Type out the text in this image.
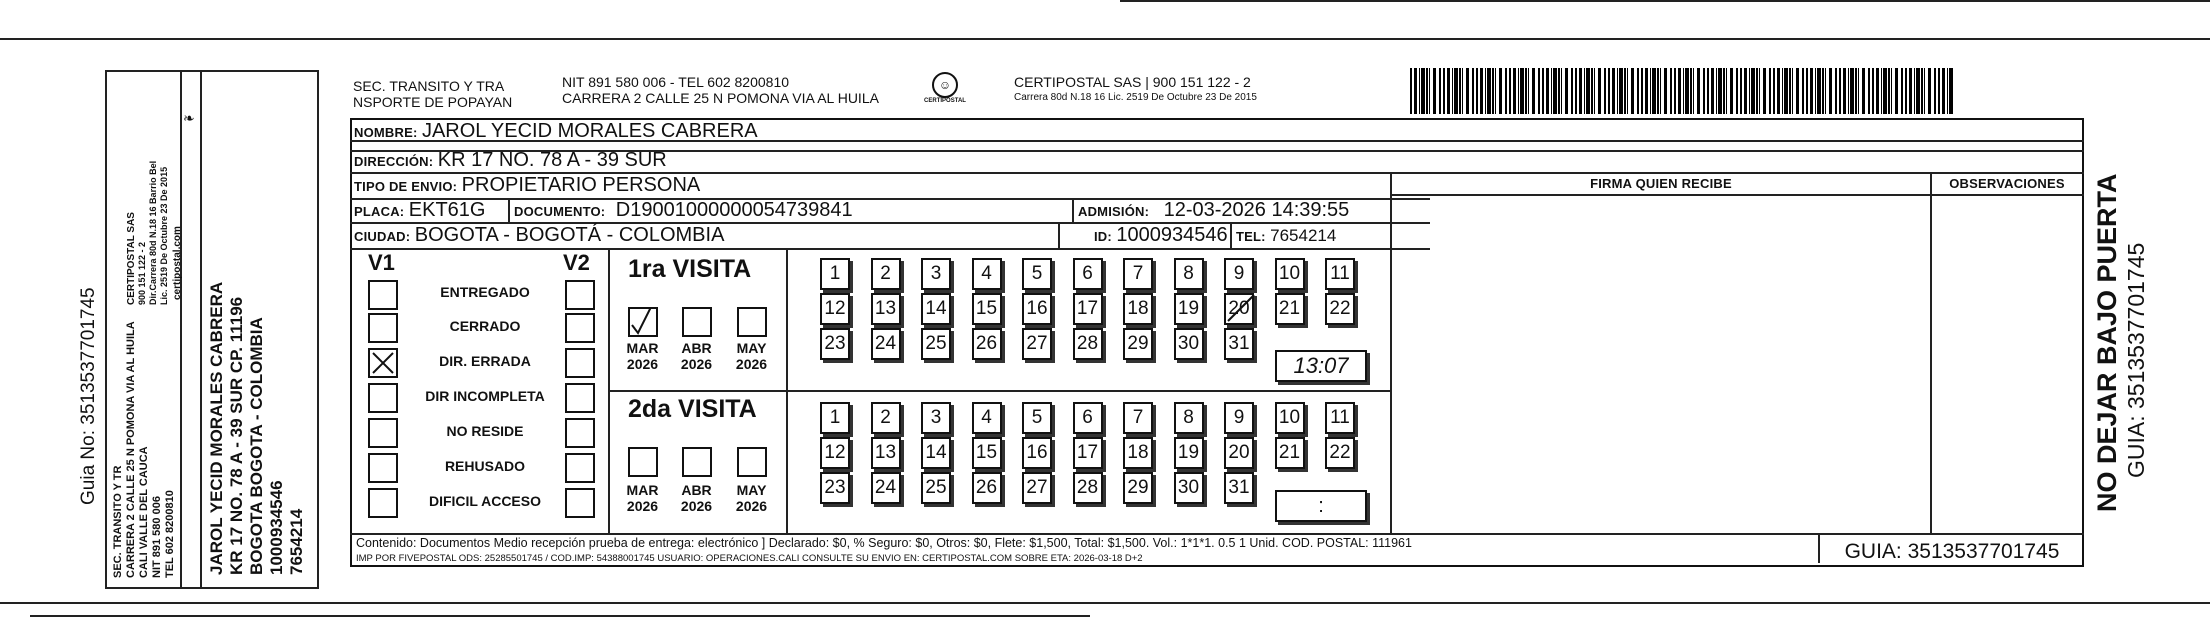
Guia No: 3513537701745
SEC. TRANSITO Y TR CARRERA 2 CALLE 25 N POMONA VIA AL HUILA CALI VALLE DEL CAUCA NIT 891 580 006 TEL 602 8200810
CERTIPOSTAL SAS 900 151 122 - 2 Dir.Carrera 80d N.18 16 Barrio Bel Lic. 2519 De Octubre 23 De 2015 certipostal.com
❧
JAROL YECID MORALES CABRERA KR 17 NO. 78 A - 39 SUR CP. 11196 BOGOTA BOGOTA - COLOMBIA 1000934546 7654214
SEC. TRANSITO Y TRA
NSPORTE DE POPAYAN
NIT 891 580 006 - TEL 602 8200810
CARRERA 2 CALLE 25 N POMONA VIA AL HUILA
☺
CERTIPOSTAL
CERTIPOSTAL SAS | 900 151 122 - 2
Carrera 80d N.18 16 Lic. 2519 De Octubre 23 De 2015
NOMBRE: JAROL YECID MORALES CABRERA
DIRECCIÓN: KR 17 NO. 78 A - 39 SUR
TIPO DE ENVIO: PROPIETARIO PERSONA
PLACA: EKT61G DOCUMENTO: D19001000000054739841	ADMISIÓN: 12-03-2026 14:39:55
CIUDAD: BOGOTA - BOGOTÁ - COLOMBIA	ID: 1000934546 TEL: 7654214
FIRMA QUIEN RECIBE	OBSERVACIONES
V1	V2
ENTREGADO
CERRADO
DIR. ERRADA
DIR INCOMPLETA
NO RESIDE
REHUSADO
DIFICIL ACCESO
1ra VISITA
MAR
2026
ABR
2026
MAY
2026
1	2	3	4	5	6	7	8	9	10 11
12 13 14 15 16 17 18 19 20 21 22
23 24 25 26 27 28 29 30 31
13:07
2da VISITA
MAR
2026
ABR
2026
MAY
2026
1	2	3	4	5	6	7	8	9	10 11
12 13 14 15 16 17 18 19 20 21 22
23 24 25 26 27 28 29 30 31
:
Contenido: Documentos Medio recepción prueba de entrega: electrónico ] Declarado: $0, % Seguro: $0, Otros: $0, Flete: $1,500, Total: $1,500. Vol.: 1*1*1. 0.5 1 Unid. COD. POSTAL: 111961
IMP POR FIVEPOSTAL ODS: 25285501745 / COD.IMP: 54388001745 USUARIO: OPERACIONES.CALI CONSULTE SU ENVIO EN: CERTIPOSTAL.COM SOBRE ETA: 2026-03-18 D+2	GUIA: 3513537701745
NO DEJAR BAJO PUERTA GUIA: 3513537701745
